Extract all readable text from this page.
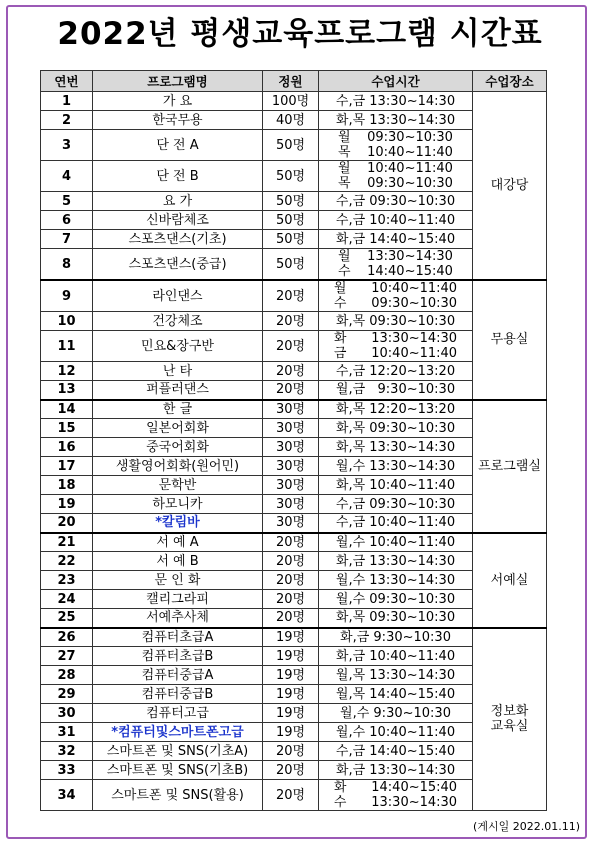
2022년 평생교육프로그램 시간표
연번	프로그램명	정원	수업시간	수업장소
1	가 요	100명	수,금 13:30~14:30	대강당
2	한국무용	40명	화,목 13:30~14:30	
3	단 전 A	50명	월    09:30~10:30
목    10:40~11:40	
4	단 전 B	50명	월    10:40~11:40
목    09:30~10:30	
5	요 가	50명	수,금 09:30~10:30	
6	신바람체조	50명	수,금 10:40~11:40	
7	스포츠댄스(기초)	50명	화,금 14:40~15:40	
8	스포츠댄스(중급)	50명	월    13:30~14:30
수    14:40~15:40	
9	라인댄스	20명	월      10:40~11:40
수      09:30~10:30	무용실
10	건강체조	20명	화,목 09:30~10:30	
11	민요&장구반	20명	화      13:30~14:30
금      10:40~11:40	
12	난 타	20명	수,금 12:20~13:20	
13	퍼플러댄스	20명	월,금   9:30~10:30	
14	한 글	30명	화,목 12:20~13:20	프로그램실
15	일본어회화	30명	화,목 09:30~10:30	
16	중국어회화	30명	화,목 13:30~14:30	
17	생활영어회화(원어민)	30명	월,수 13:30~14:30	
18	문학반	30명	화,목 10:40~11:40	
19	하모니카	30명	수,금 09:30~10:30	
20	*칼림바	30명	수,금 10:40~11:40	
21	서 예 A	20명	월,수 10:40~11:40	서예실
22	서 예 B	20명	화,금 13:30~14:30	
23	문 인 화	20명	월,수 13:30~14:30	
24	캘리그라피	20명	월,수 09:30~10:30	
25	서예추사체	20명	화,목 09:30~10:30	
26	컴퓨터초급A	19명	화,금 9:30~10:30	정보화
교육실
27	컴퓨터초급B	19명	화,금 10:40~11:40	
28	컴퓨터중급A	19명	월,목 13:30~14:30	
29	컴퓨터중급B	19명	월,목 14:40~15:40	
30	컴퓨터고급	19명	월,수 9:30~10:30	
31	*컴퓨터및스마트폰고급	19명	월,수 10:40~11:40	
32	스마트폰 및 SNS(기초A)	20명	수,금 14:40~15:40	
33	스마트폰 및 SNS(기초B)	20명	화,금 13:30~14:30	
34	스마트폰 및 SNS(활용)	20명	화      14:40~15:40
수      13:30~14:30	
(게시일 2022.01.11)
